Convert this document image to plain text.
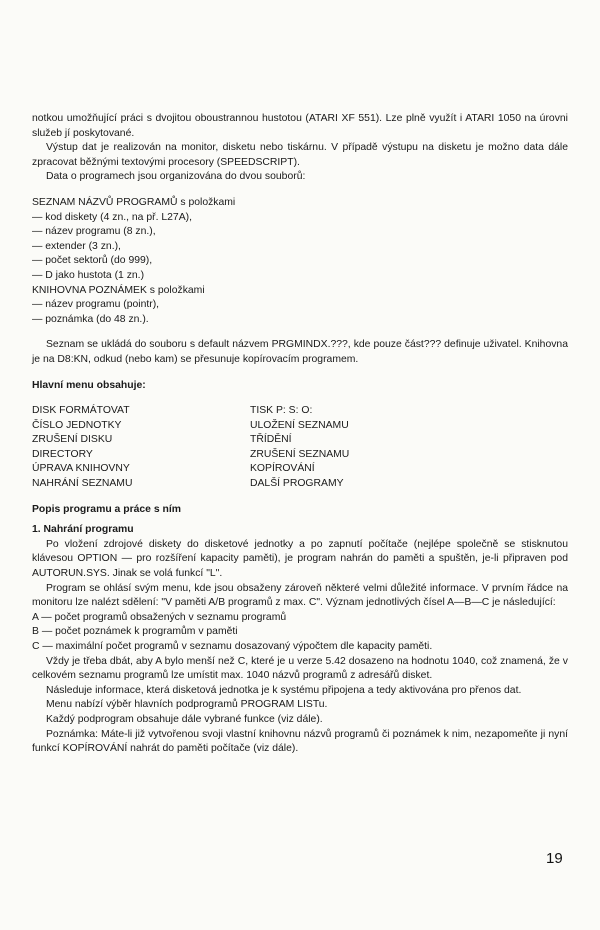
notkou umožňující práci s dvojitou oboustrannou hustotou (ATARI XF 551). Lze plně využít i ATARI 1050 na úrovni služeb jí poskytované.

Výstup dat je realizován na monitor, disketu nebo tiskárnu. V případě výstupu na disketu je možno data dále zpracovat běžnými textovými procesory (SPEEDSCRIPT).

Data o programech jsou organizována do dvou souborů:

SEZNAM NÁZVŮ PROGRAMŮ s položkami
— kod diskety (4 zn., na př. L27A),
— název programu (8 zn.),
— extender (3 zn.),
— počet sektorů (do 999),
— D jako hustota (1 zn.)
KNIHOVNA POZNÁMEK s položkami
— název programu (pointr),
— poznámka (do 48 zn.).

Seznam se ukládá do souboru s default názvem PRGMINDX.???, kde pouze část??? definuje uživatel. Knihovna je na D8:KN, odkud (nebo kam) se přesunuje kopírovacím programem.

Hlavní menu obsahuje:
DISK FORMÁTOVAT	TISK P: S: O:
ČÍSLO JEDNOTKY	ULOŽENÍ SEZNAMU
ZRUŠENÍ DISKU	TŘÍDĚNÍ
DIRECTORY	ZRUŠENÍ SEZNAMU
ÚPRAVA KNIHOVNY	KOPÍROVÁNÍ
NAHRÁNÍ SEZNAMU	DALŠÍ PROGRAMY
Popis programu a práce s ním
1. Nahrání programu

Po vložení zdrojové diskety do disketové jednotky a po zapnutí počítače (nejlépe společně se stisknutou klávesou OPTION — pro rozšíření kapacity paměti), je program nahrán do paměti a spuštěn, je-li připraven pod AUTORUN.SYS. Jinak se volá funkcí "L".

Program se ohlásí svým menu, kde jsou obsaženy zároveň některé velmi důležité informace. V prvním řádce na monitoru lze nalézt sdělení: "V paměti A/B programů z max. C". Význam jednotlivých čísel A—B—C je následující:

A — počet programů obsažených v seznamu programů
B — počet poznámek k programům v paměti
C — maximální počet programů v seznamu dosazovaný výpočtem dle kapacity paměti.

Vždy je třeba dbát, aby A bylo menší než C, které je u verze 5.42 dosazeno na hodnotu 1040, což znamená, že v celkovém seznamu programů lze umístit max. 1040 názvů programů z adresářů disket.

Následuje informace, která disketová jednotka je k systému připojena a tedy aktivována pro přenos dat.

Menu nabízí výběr hlavních podprogramů PROGRAM LISTu.

Každý podprogram obsahuje dále vybrané funkce (viz dále).

Poznámka: Máte-li již vytvořenou svoji vlastní knihovnu názvů programů či poznámek k nim, nezapomeňte ji nyní funkcí KOPÍROVÁNÍ nahrát do paměti počítače (viz dále).

19
